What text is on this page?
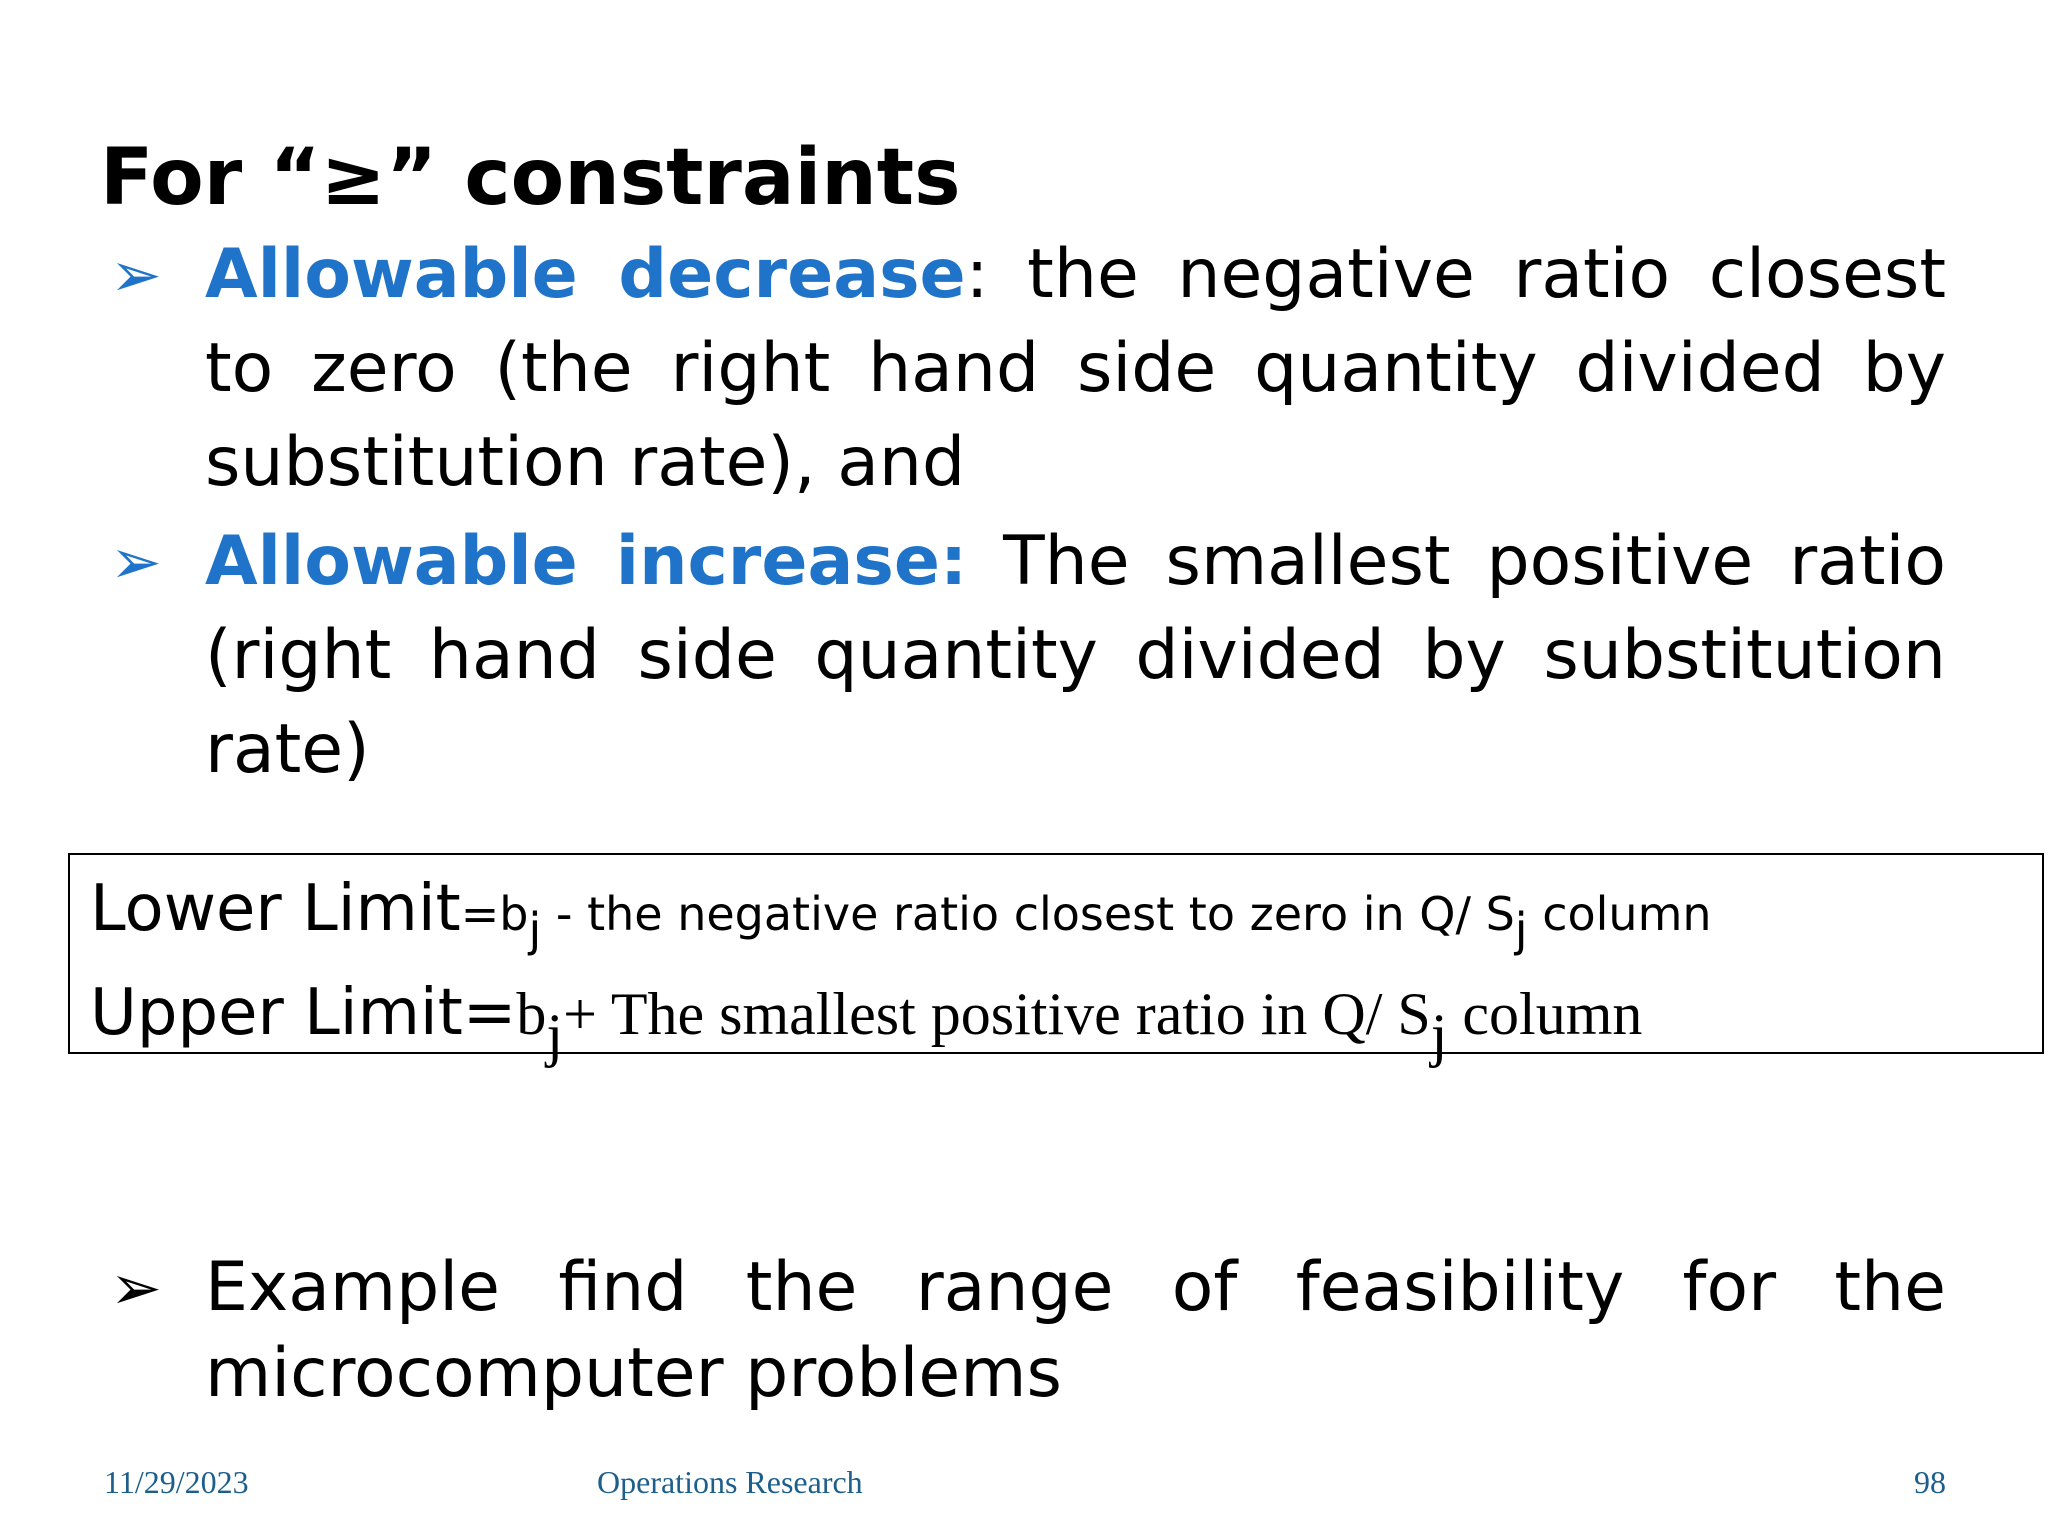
For “≥” constraints
➢ Allowable decrease: the negative ratio closest to zero (the right hand side quantity divided by substitution rate), and
➢ Allowable increase: The smallest positive ratio (right hand side quantity divided by substitution rate)
Lower $Limit=b_j$ - the negative ratio closest to zero in Q/ $S_j$ column
Upper $Limit=b_j+$ The smallest positive ratio in Q/ $S_j$ column
➢ Example find the range of feasibility for the microcomputer problems
11/29/2023	Operations Research	98
